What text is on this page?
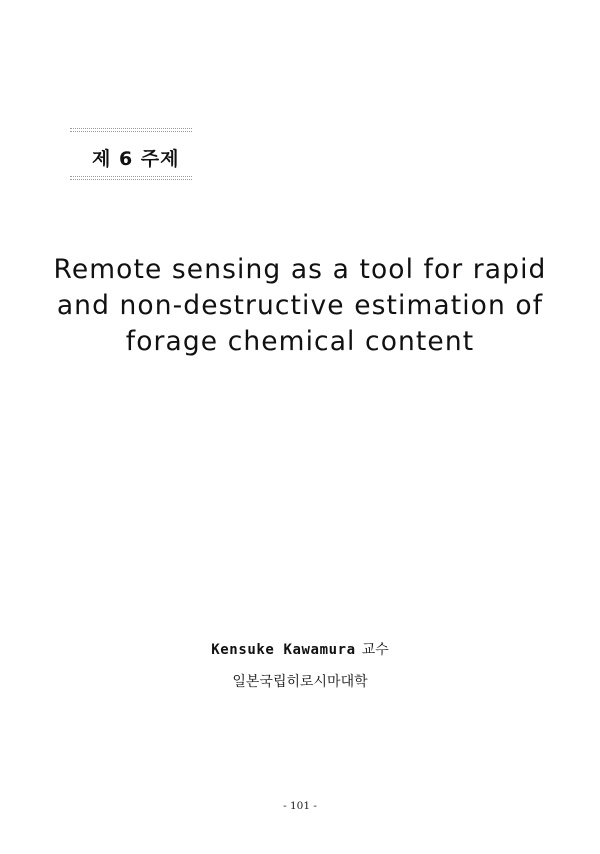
제 6 주제
Remote sensing as a tool for rapid
and non-destructive estimation of
forage chemical content
Kensuke Kawamura 교수
일본국립히로시마대학
- 101 -
